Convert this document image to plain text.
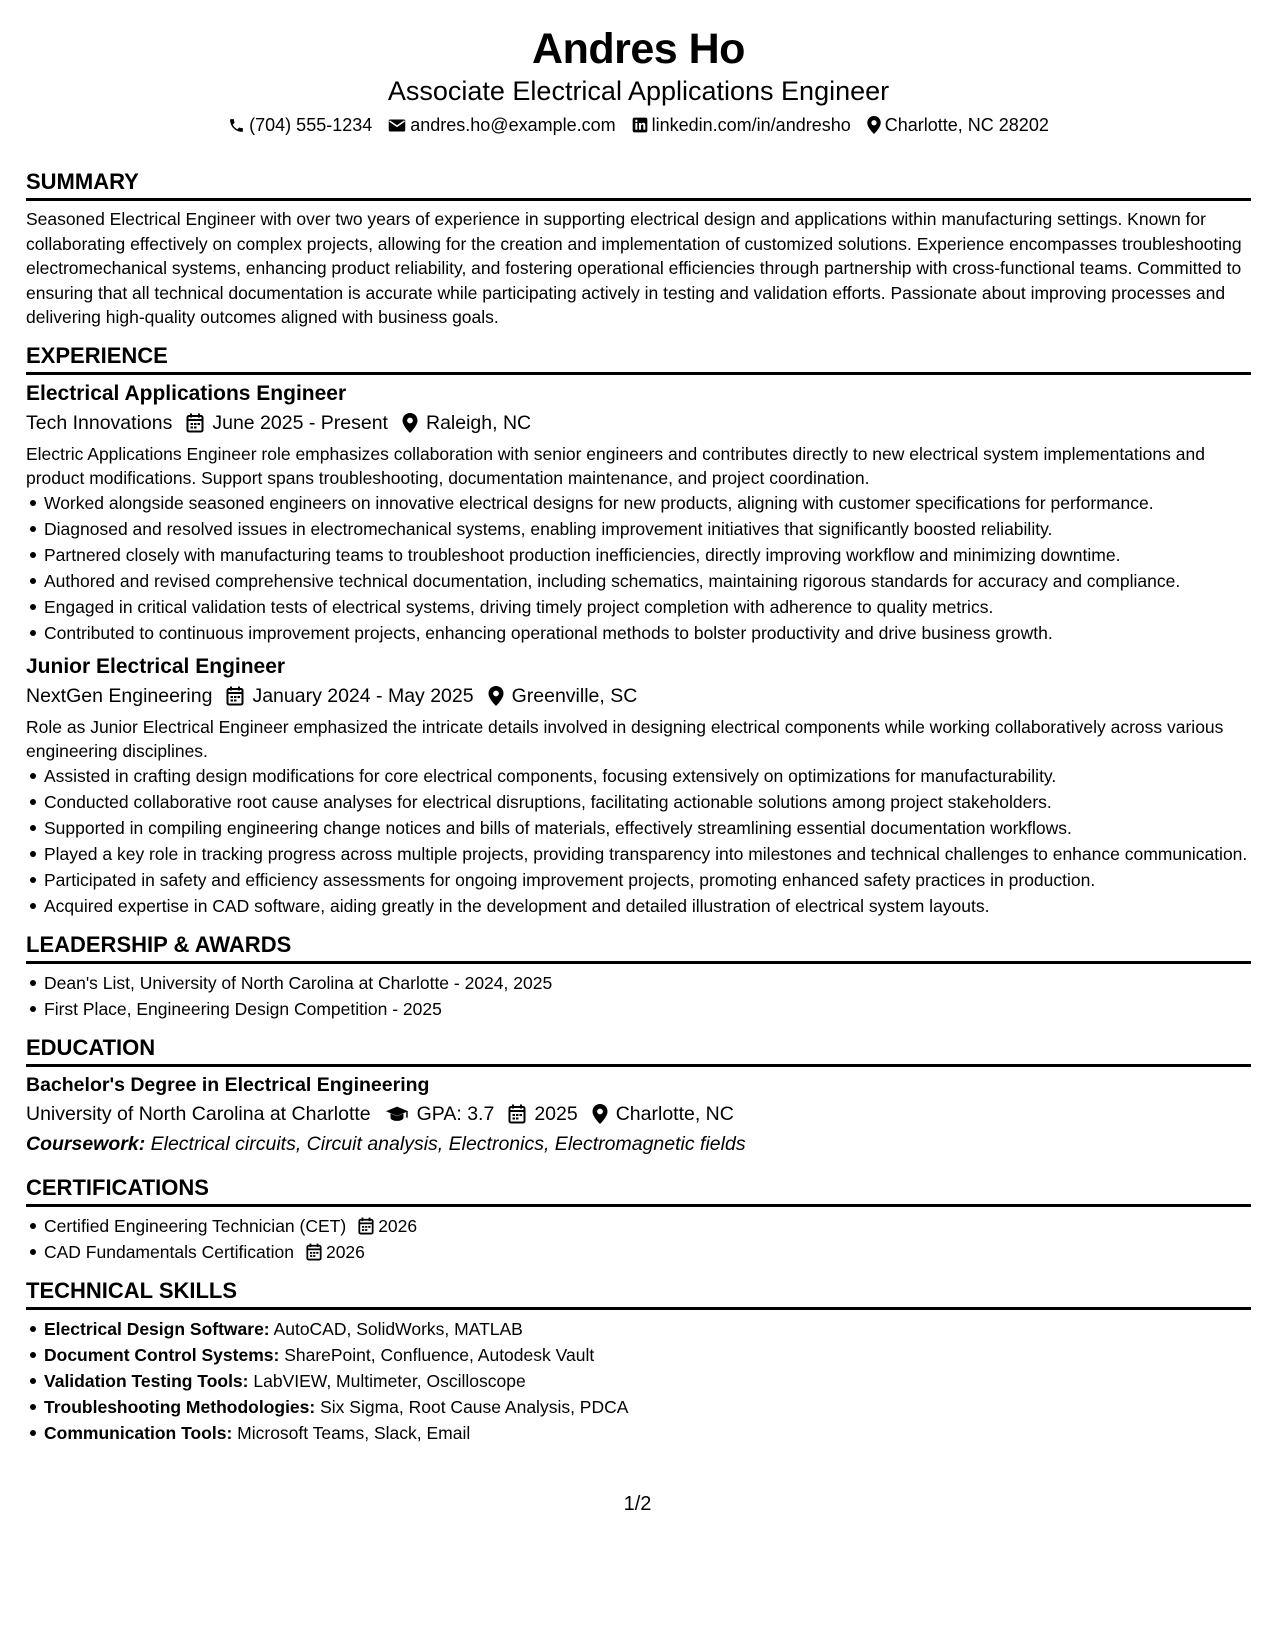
Andres Ho
Associate Electrical Applications Engineer
(704) 555-1234 andres.ho@example.com linkedin.com/in/andresho Charlotte, NC 28202
SUMMARY
Seasoned Electrical Engineer with over two years of experience in supporting electrical design and applications within manufacturing settings. Known for collaborating effectively on complex projects, allowing for the creation and implementation of customized solutions. Experience encompasses troubleshooting electromechanical systems, enhancing product reliability, and fostering operational efficiencies through partnership with cross-functional teams. Committed to ensuring that all technical documentation is accurate while participating actively in testing and validation efforts. Passionate about improving processes and delivering high-quality outcomes aligned with business goals.
EXPERIENCE
Electrical Applications Engineer
Tech Innovations June 2025 - Present Raleigh, NC
Electric Applications Engineer role emphasizes collaboration with senior engineers and contributes directly to new electrical system implementations and product modifications. Support spans troubleshooting, documentation maintenance, and project coordination.
Worked alongside seasoned engineers on innovative electrical designs for new products, aligning with customer specifications for performance.
Diagnosed and resolved issues in electromechanical systems, enabling improvement initiatives that significantly boosted reliability.
Partnered closely with manufacturing teams to troubleshoot production inefficiencies, directly improving workflow and minimizing downtime.
Authored and revised comprehensive technical documentation, including schematics, maintaining rigorous standards for accuracy and compliance.
Engaged in critical validation tests of electrical systems, driving timely project completion with adherence to quality metrics.
Contributed to continuous improvement projects, enhancing operational methods to bolster productivity and drive business growth.
Junior Electrical Engineer
NextGen Engineering January 2024 - May 2025 Greenville, SC
Role as Junior Electrical Engineer emphasized the intricate details involved in designing electrical components while working collaboratively across various engineering disciplines.
Assisted in crafting design modifications for core electrical components, focusing extensively on optimizations for manufacturability.
Conducted collaborative root cause analyses for electrical disruptions, facilitating actionable solutions among project stakeholders.
Supported in compiling engineering change notices and bills of materials, effectively streamlining essential documentation workflows.
Played a key role in tracking progress across multiple projects, providing transparency into milestones and technical challenges to enhance communication.
Participated in safety and efficiency assessments for ongoing improvement projects, promoting enhanced safety practices in production.
Acquired expertise in CAD software, aiding greatly in the development and detailed illustration of electrical system layouts.
LEADERSHIP & AWARDS
Dean's List, University of North Carolina at Charlotte - 2024, 2025
First Place, Engineering Design Competition - 2025
EDUCATION
Bachelor's Degree in Electrical Engineering
University of North Carolina at Charlotte GPA: 3.7 2025 Charlotte, NC
Coursework: Electrical circuits, Circuit analysis, Electronics, Electromagnetic fields
CERTIFICATIONS
Certified Engineering Technician (CET) 2026
CAD Fundamentals Certification 2026
TECHNICAL SKILLS
Electrical Design Software: AutoCAD, SolidWorks, MATLAB
Document Control Systems: SharePoint, Confluence, Autodesk Vault
Validation Testing Tools: LabVIEW, Multimeter, Oscilloscope
Troubleshooting Methodologies: Six Sigma, Root Cause Analysis, PDCA
Communication Tools: Microsoft Teams, Slack, Email
1/2
